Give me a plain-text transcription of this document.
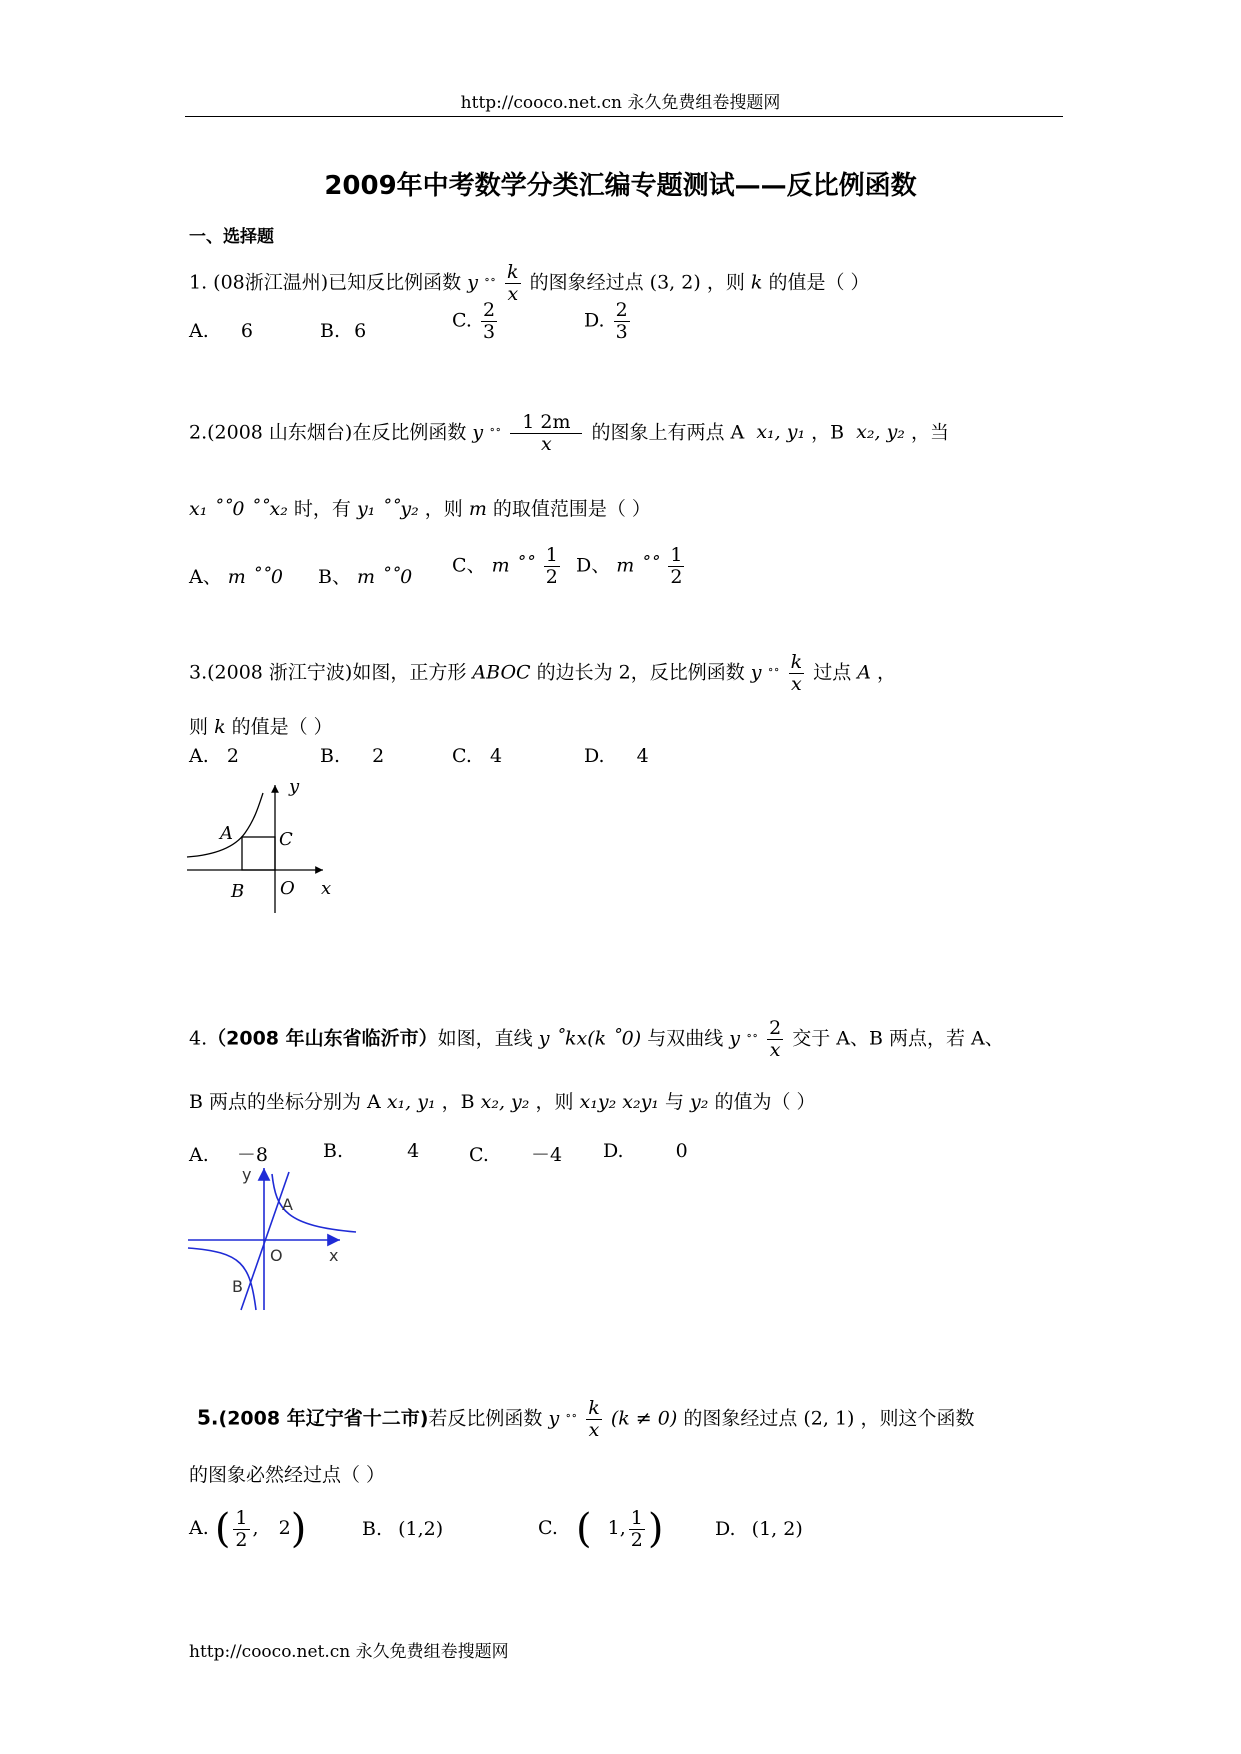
http://cooco.net.cn 永久免费组卷搜题网
2009年中考数学分类汇编专题测试——反比例函数
一、选择题
1. (08浙江温州)已知反比例函数 y ˚˚ $\frac{k}{x}$ 的图象经过点 (3, 2) ，则 k 的值是（ ）
A. 6	B. 6	C. $\frac{2}{3}$	D. $\frac{2}{3}$
2.(2008 山东烟台)在反比例函数 y ˚˚ $\frac{1 2m}{x}$ 的图象上有两点 A x₁, y₁ ，B x₂, y₂ ，当
x₁ ˚˚0 ˚˚x₂ 时，有 y₁ ˚˚y₂ ，则 m 的取值范围是（ ）
A、 m ˚˚0 B、 m ˚˚0
C、 m ˚˚ $\frac{1}{2}$ D、 m ˚˚ $\frac{1}{2}$
3.(2008 浙江宁波)如图，正方形 ABOC 的边长为 2，反比例函数 y ˚˚ $\frac{k}{x}$ 过点 A ，
则 k 的值是（ ）
A. 2	B. 2	C. 4	D. 4
y
x
A
B
C
O
4.（2008 年山东省临沂市）如图，直线 y ˚kx(k ˚0) 与双曲线 y ˚˚ $\frac{2}{x}$ 交于 A、B 两点，若 A、
B 两点的坐标分别为 A x₁, y₁ ，B x₂, y₂ ，则 x₁y₂ x₂y₁ 与 y₂ 的值为（ ）
A. －8	B.	4	C. －4 D.	0
y
x
A
B
O
5.(2008 年辽宁省十二市)若反比例函数 y ˚˚ $\frac{k}{x} (k \ne 0)$ 的图象经过点 (2, 1) ，则这个函数
的图象必然经过点（ ）
A. ( $\frac{1}{2}$ , 2)	B. (1,2)	C. ( 1, $\frac{1}{2}$ )	D. (1, 2)
http://cooco.net.cn 永久免费组卷搜题网
